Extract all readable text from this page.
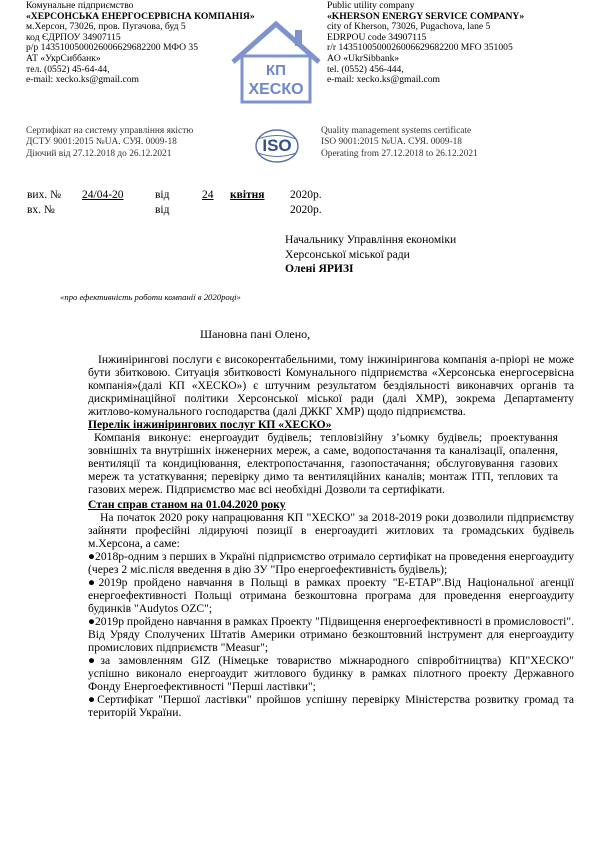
Комунальне підприємство
«ХЕРСОНСЬКА ЕНЕРГОСЕРВІСНА КОМПАНІЯ»
м.Херсон, 73026, пров. Пугачова, буд 5
код ЄДРПОУ 34907115
р/р 143510050002600662968220​0 МФО 35
АТ «УкрСиббанк»
тел. (0552) 45-64-44,
e-mail: xecko.ks@gmail.com
КП
ХЕСКО
Public utility company
«KHERSON ENERGY SERVICE COMPANY»
city of Kherson, 73026, Pugachova, lane 5
EDRPOU code 34907115
r/r 14351005000260066296822​00 MFO 351005
AO «UkrSibbank»
tel. (0552) 456-444,
e-mail: xecko.ks@gmail.com
Сертифікат на систему управління якістю
ДСТУ 9001:2015 №UA. СУЯ. 0009-18
Діючий від 27.12.2018 до 26.12.2021	ISO
Quality management systems certificate
ISO 9001:2015 №UA. СУЯ. 0009-18
Operating from 27.12.2018 to 26.12.2021
вих. № 24/04-20	від	24 квітня 2020р.
вх. №	від	2020р.
Начальнику Управління економіки
Херсонської міської ради
Олені ЯРИЗІ
«про ефективність роботи компанії в 2020році»
Шановна пані Олено,

Інжинірингові послуги є високорентабельними, тому інжинірингова компанія а-пріорі не може бути збитковою. Ситуація збитковості Комунального підприємства «Херсонська енергосервісна компанія»(далі КП «ХЕСКО») є штучним результатом бездіяльності виконавчих органів та дискримінаційної політики Херсонської міської ради (далі ХМР), зокрема Департаменту житлово-комунального господарства (далі ДЖКГ ХМР) щодо підприємства.

Перелік інжинірингових послуг КП «ХЕСКО»

Компанія виконує: енергоаудит будівель; тепловізійну з’ьомку будівель; проектування зовнішніх та внутрішніх інженерних мереж, а саме, водопостачання та каналізації, опалення, вентиляції та кондиціювання, електропостачання, газопостачання; обслуговування газових мереж та устаткування; перевірку димо та вентиляційних каналів; монтаж ІТП, теплових та газових мереж. Підприємство має всі необхідні Дозволи та сертифікати.

Стан справ станом на 01.04.2020 року

На початок 2020 року напрацювання КП "ХЕСКО" за 2018-2019 роки дозволили підприємству зайняти професійні лідируючі позиції в енергоаудиті житлових та громадських будівель м.Херсона, а саме:

●2018р-одним з перших в Україні підприємство отримало сертифікат на проведення енергоаудиту (через 2 міс.після введення в дію ЗУ "Про енергоефективність будівель);

●2019р пройдено навчання в Польщі в рамках проекту "E-ETAP".Від Національної агенції енергоефективності Польщі отримана безкоштовна програма для проведення енергоаудиту будинків "Audytos OZC";

●2019р пройдено навчання в рамках Проекту "Підвищення енергоефективності в промисловості". Від Уряду Сполучених Штатів Америки отримано безкоштовний інструмент для енергоаудиту промислових підприємств "Measur";

●за замовленням GIZ (Німецьке товариство міжнародного співробітництва) КП"ХЕСКО" успішно виконало енергоаудит житлового будинку в рамках пілотного проекту Державного Фонду Енергоефективності "Перші ластівки";

●Сертифікат "Першої ластівки" пройшов успішну перевірку Міністерства розвитку громад та територій України.
